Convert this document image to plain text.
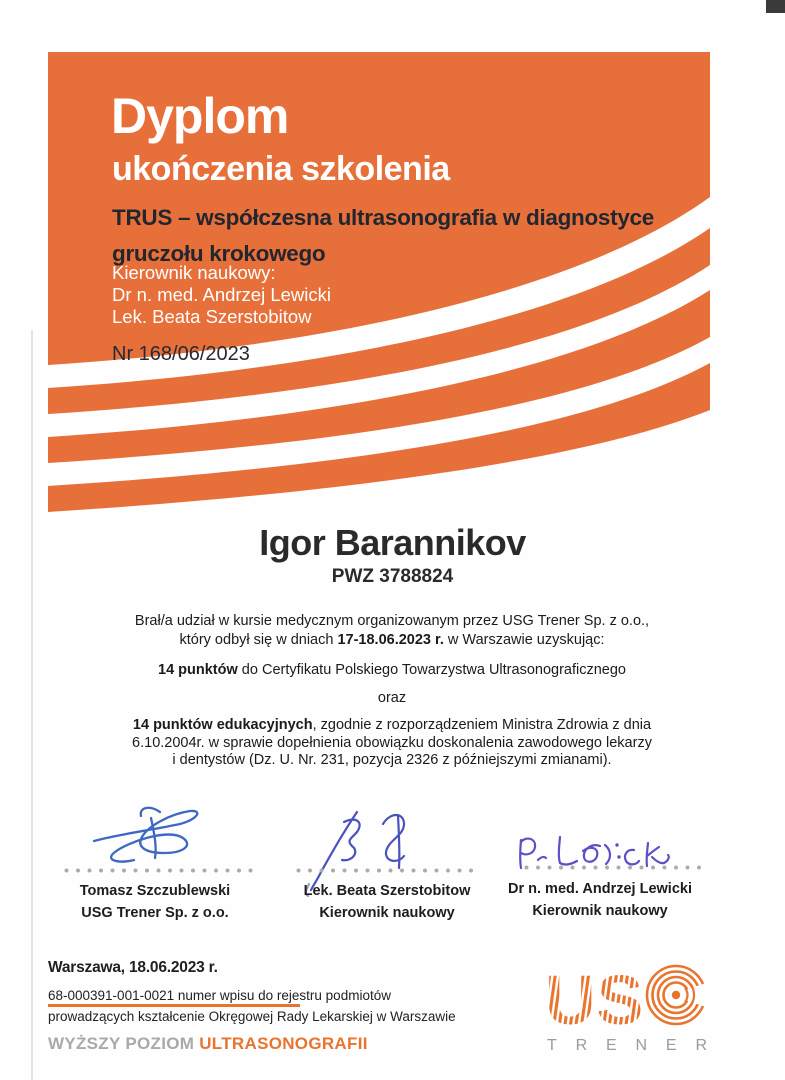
Dyplom
ukończenia szkolenia
TRUS – współczesna ultrasonografia w diagnostyce
gruczołu krokowego
Kierownik naukowy:
Dr n. med. Andrzej Lewicki
Lek. Beata Szerstobitow
Nr 168/06/2023
Igor Barannikov
PWZ 3788824
Brał/a udział w kursie medycznym organizowanym przez USG Trener Sp. z o.o.,
który odbył się w dniach 17-18.06.2023 r. w Warszawie uzyskując:
14 punktów do Certyfikatu Polskiego Towarzystwa Ultrasonograficznego
oraz
14 punktów edukacyjnych, zgodnie z rozporządzeniem Ministra Zdrowia z dnia
6.10.2004r. w sprawie dopełnienia obowiązku doskonalenia zawodowego lekarzy
i dentystów (Dz. U. Nr. 231, pozycja 2326 z późniejszymi zmianami).
Tomasz Szczublewski
USG Trener Sp. z o.o.
Lek. Beata Szerstobitow
Kierownik naukowy
Dr n. med. Andrzej Lewicki
Kierownik naukowy
Warszawa, 18.06.2023 r.
68-000391-001-0021 numer wpisu do rejestru podmiotów
prowadzących kształcenie Okręgowej Rady Lekarskiej w Warszawie
WYŻSZY POZIOM ULTRASONOGRAFII
US
TRENER
